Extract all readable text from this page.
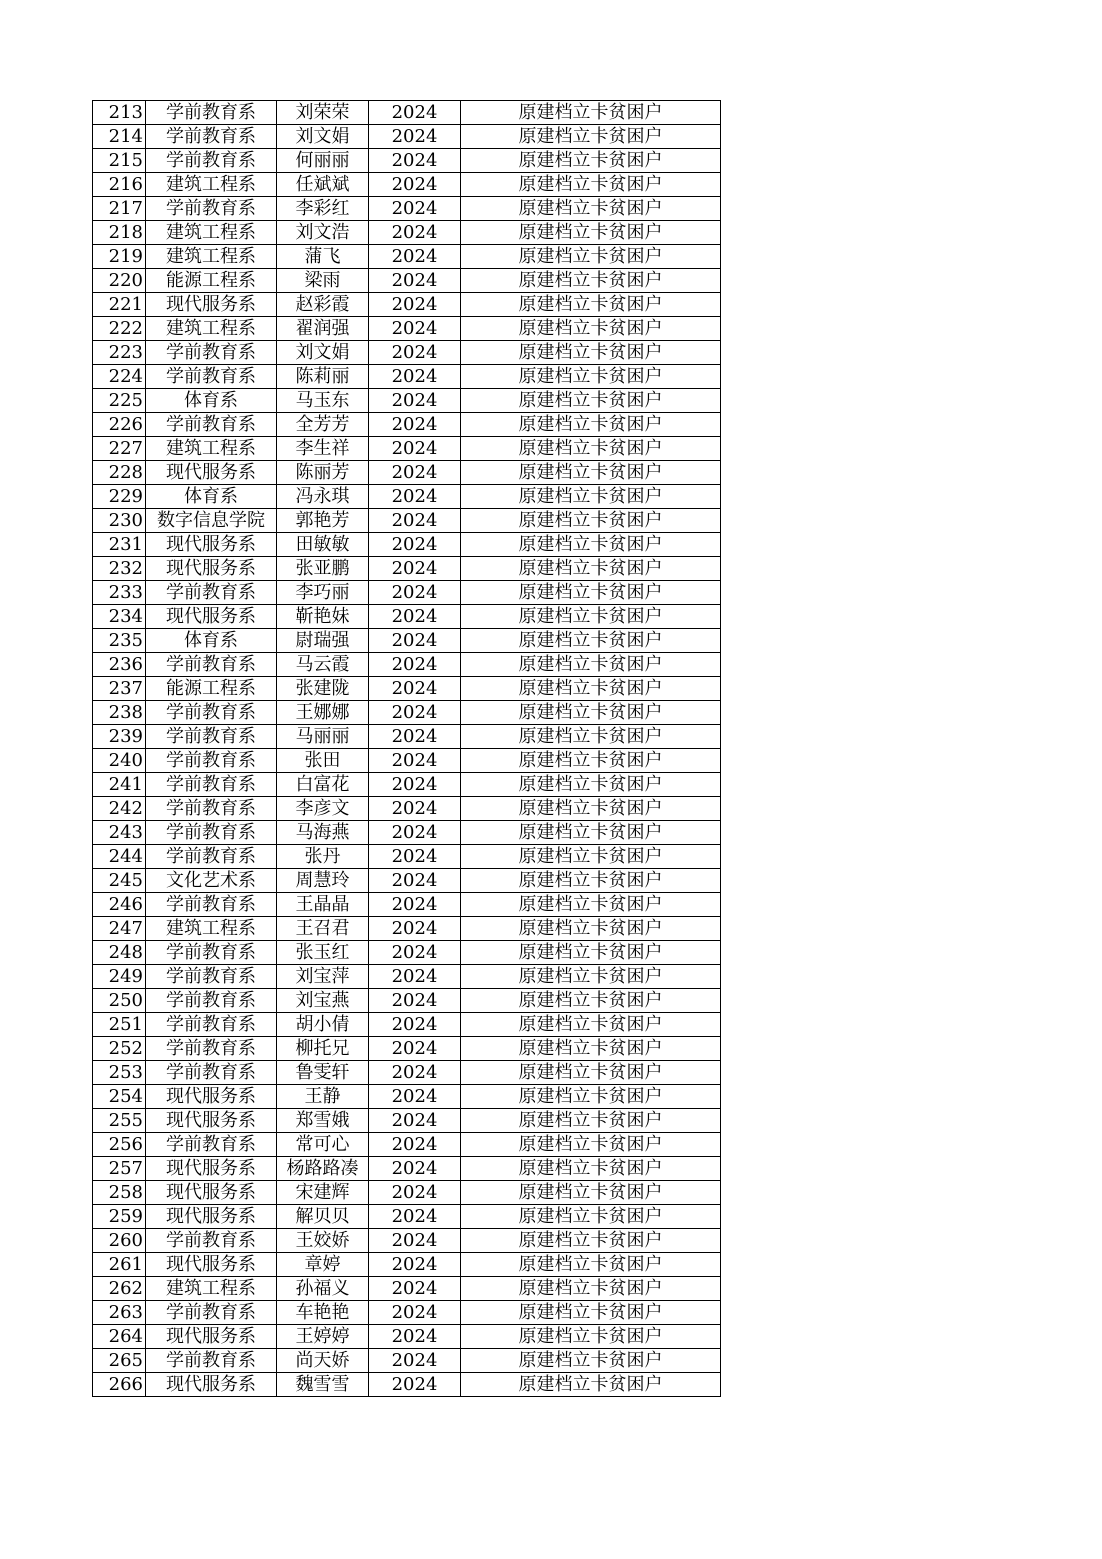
213	学前教育系	刘荣荣	2024	原建档立卡贫困户
214	学前教育系	刘文娟	2024	原建档立卡贫困户
215	学前教育系	何丽丽	2024	原建档立卡贫困户
216	建筑工程系	任斌斌	2024	原建档立卡贫困户
217	学前教育系	李彩红	2024	原建档立卡贫困户
218	建筑工程系	刘文浩	2024	原建档立卡贫困户
219	建筑工程系	蒲飞	2024	原建档立卡贫困户
220	能源工程系	梁雨	2024	原建档立卡贫困户
221	现代服务系	赵彩霞	2024	原建档立卡贫困户
222	建筑工程系	翟润强	2024	原建档立卡贫困户
223	学前教育系	刘文娟	2024	原建档立卡贫困户
224	学前教育系	陈莉丽	2024	原建档立卡贫困户
225	体育系	马玉东	2024	原建档立卡贫困户
226	学前教育系	全芳芳	2024	原建档立卡贫困户
227	建筑工程系	李生祥	2024	原建档立卡贫困户
228	现代服务系	陈丽芳	2024	原建档立卡贫困户
229	体育系	冯永琪	2024	原建档立卡贫困户
230	数字信息学院	郭艳芳	2024	原建档立卡贫困户
231	现代服务系	田敏敏	2024	原建档立卡贫困户
232	现代服务系	张亚鹏	2024	原建档立卡贫困户
233	学前教育系	李巧丽	2024	原建档立卡贫困户
234	现代服务系	靳艳妹	2024	原建档立卡贫困户
235	体育系	尉瑞强	2024	原建档立卡贫困户
236	学前教育系	马云霞	2024	原建档立卡贫困户
237	能源工程系	张建陇	2024	原建档立卡贫困户
238	学前教育系	王娜娜	2024	原建档立卡贫困户
239	学前教育系	马丽丽	2024	原建档立卡贫困户
240	学前教育系	张田	2024	原建档立卡贫困户
241	学前教育系	白富花	2024	原建档立卡贫困户
242	学前教育系	李彦文	2024	原建档立卡贫困户
243	学前教育系	马海燕	2024	原建档立卡贫困户
244	学前教育系	张丹	2024	原建档立卡贫困户
245	文化艺术系	周慧玲	2024	原建档立卡贫困户
246	学前教育系	王晶晶	2024	原建档立卡贫困户
247	建筑工程系	王召君	2024	原建档立卡贫困户
248	学前教育系	张玉红	2024	原建档立卡贫困户
249	学前教育系	刘宝萍	2024	原建档立卡贫困户
250	学前教育系	刘宝燕	2024	原建档立卡贫困户
251	学前教育系	胡小倩	2024	原建档立卡贫困户
252	学前教育系	柳托兄	2024	原建档立卡贫困户
253	学前教育系	鲁雯轩	2024	原建档立卡贫困户
254	现代服务系	王静	2024	原建档立卡贫困户
255	现代服务系	郑雪娥	2024	原建档立卡贫困户
256	学前教育系	常可心	2024	原建档立卡贫困户
257	现代服务系	杨路路凑	2024	原建档立卡贫困户
258	现代服务系	宋建辉	2024	原建档立卡贫困户
259	现代服务系	解贝贝	2024	原建档立卡贫困户
260	学前教育系	王姣娇	2024	原建档立卡贫困户
261	现代服务系	章婷	2024	原建档立卡贫困户
262	建筑工程系	孙福义	2024	原建档立卡贫困户
263	学前教育系	车艳艳	2024	原建档立卡贫困户
264	现代服务系	王婷婷	2024	原建档立卡贫困户
265	学前教育系	尚天娇	2024	原建档立卡贫困户
266	现代服务系	魏雪雪	2024	原建档立卡贫困户
